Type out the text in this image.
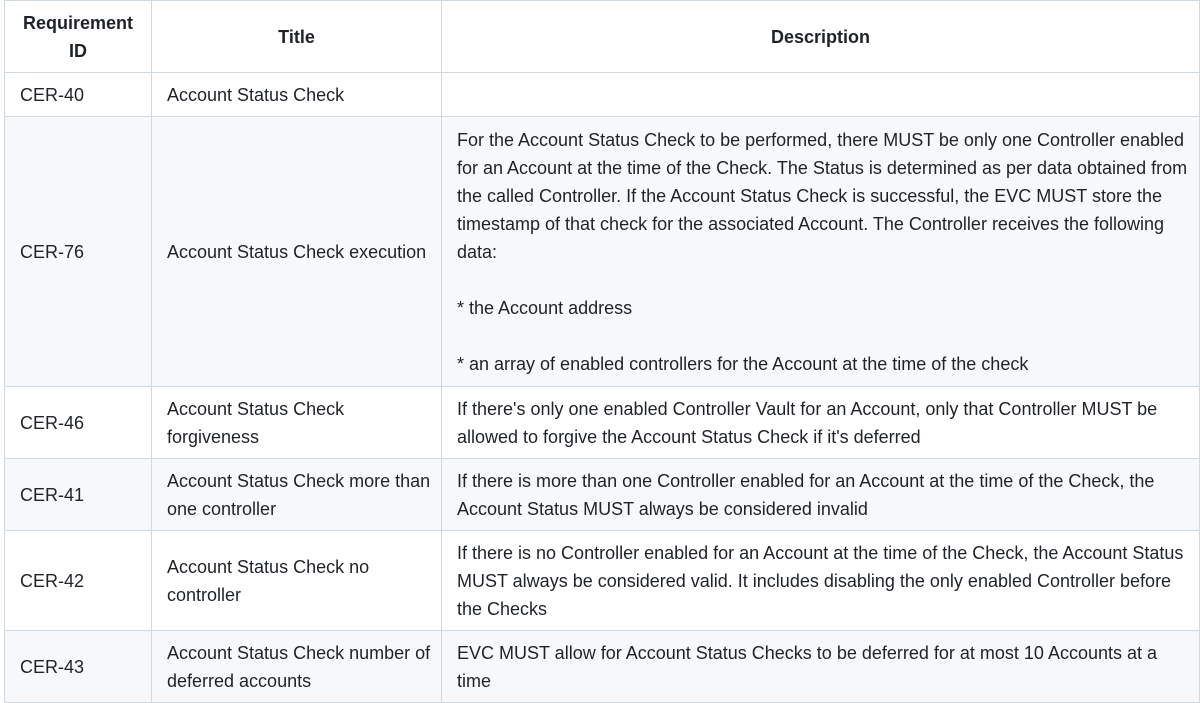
Requirement ID	Title	Description
CER-40	Account Status Check	
CER-76	Account Status Check execution	For the Account Status Check to be performed, there MUST be only one Controller enabled for an Account at the time of the Check. The Status is determined as per data obtained from the called Controller. If the Account Status Check is successful, the EVC MUST store the timestamp of that check for the associated Account. The Controller receives the following data:
* the Account address
* an array of enabled controllers for the Account at the time of the check

CER-46	Account Status Check forgiveness	If there's only one enabled Controller Vault for an Account, only that Controller MUST be allowed to forgive the Account Status Check if it's deferred

CER-41	Account Status Check more than one controller	If there is more than one Controller enabled for an Account at the time of the Check, the Account Status MUST always be considered invalid

CER-42	Account Status Check no controller	If there is no Controller enabled for an Account at the time of the Check, the Account Status MUST always be considered valid. It includes disabling the only enabled Controller before the Checks

CER-43	Account Status Check number of deferred accounts	EVC MUST allow for Account Status Checks to be deferred for at most 10 Accounts at a time
